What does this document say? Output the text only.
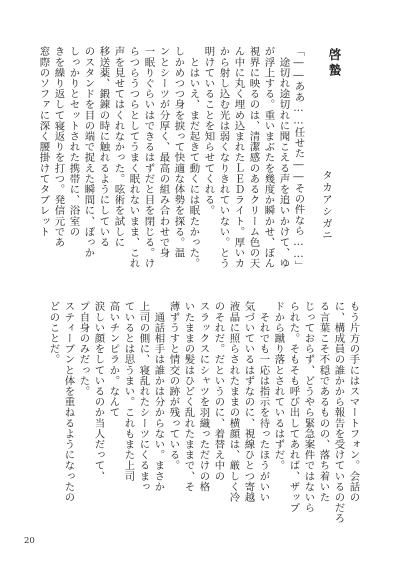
啓蟄
タカアシガニ
「――ああ……任せた――その件なら……」
　途切れ途切れに聞こえる声を追いかけて、ゆ
が浮上する。重いまぶたを幾度か瞬かせ、ぼん
視界に映るのは、清潔感のあるクリーム色の天
ん中に丸く埋め込まれたＬＥＤライト。厚いカ
から射し込む光は弱くなりきれていない。とう
明けていることを知らせてくれる。
　とはいえ、まだ起きて動くには眠たかった。
しかめつつ身を捩って快適な体勢を探る。温
ンとシーツが分厚く、最高の組み合わせで身
一眠りぐらいはできるはずだと目を閉じる。け
らつらうつらとしてうまく眠れないまま、これ
声を見せてはくれなかった。呟術を試しに
移送薬、鍛錬の時に触れるようにしている
のスタンドを目の端で捉えた瞬間に、ぽっか
しっかりとセットされた携帯に、浴室の
きを繰り返して寝返りを打つ。発信元であ
窓際のソファに深く腰掛けてタブレット
もう片方の手にはスマートフォン。会話の
に、構成員の誰かから報告を受けているのだろ
る言葉こそ不穏であるものの、落ち着いた
じっておらず、どうやら緊急案件ではないら
られた。そもそも呼び出してあれば、ザップ
ドから蹴り落とされているはずだ。
　それでも一応は指示を待ったほうがいい
気づいているはずなのに、視線ひとつ寄越
液晶に照らされたままの横顔は、厳しく冷
のそれだ。だというのに、着替え中の
スラックスにシャツを羽織っただけの格
いたままの髪はひどく乱れたままで、そ
薄ずうすと情交の跡が残っている。
　通話相手は誰かは分からない。まさか
上司の側に、寝乱れたシーツにくるまっ
ているとは思うまい。これもまた上司
高いチンピラか。なんて
涙しい顔をしているのか当人だって、
プ自身のみだった。
スティーブンと体を重ねるようになったの
どのことだ。
20
